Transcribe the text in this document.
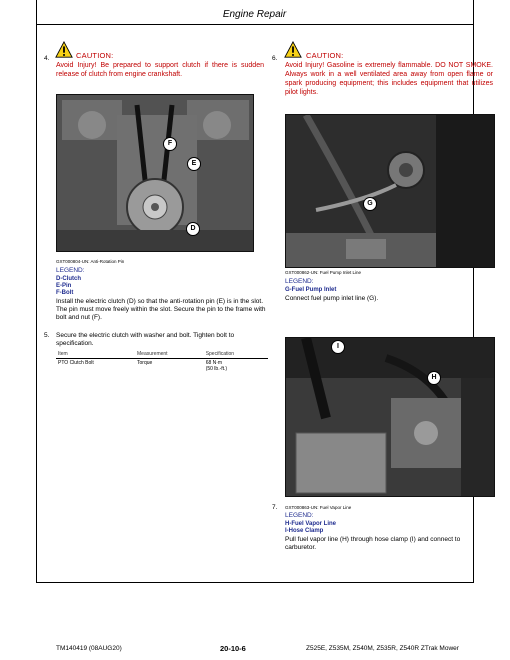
Engine Repair
4.	CAUTION:
Avoid Injury! Be prepared to support clutch if there is sudden release of clutch from engine crankshaft.
F
E
D
GXT000804-UN: Anti-Rotation Pin
LEGEND:
D-Clutch
E-Pin
F-Bolt
Install the electric clutch (D) so that the anti-rotation pin (E) is in the slot. The pin must move freely within the slot. Secure the pin to the frame with bolt and nut (F).
5. Secure the electric clutch with washer and bolt. Tighten bolt to specification.
Item	Measurement	Specification
PTO Clutch Bolt	Torque	68 N·m
(50 lb.-ft.)
6.	CAUTION:
Avoid Injury! Gasoline is extremely flammable. DO NOT SMOKE. Always work in a well ventilated area away from open flame or spark producing equipment; this includes equipment that utilizes pilot lights.
G
GXT000862-UN: Fuel Pump Inlet Line
LEGEND:
G-Fuel Pump Inlet
Connect fuel pump inlet line (G).
I
H
7. GXT000863-UN: Fuel Vapor Line
LEGEND:
H-Fuel Vapor Line
I-Hose Clamp
Pull fuel vapor line (H) through hose clamp (I) and connect to carburetor.
TM140419 (08AUG20)	20-10-6	Z525E, Z535M, Z540M, Z535R, Z540R ZTrak Mower
